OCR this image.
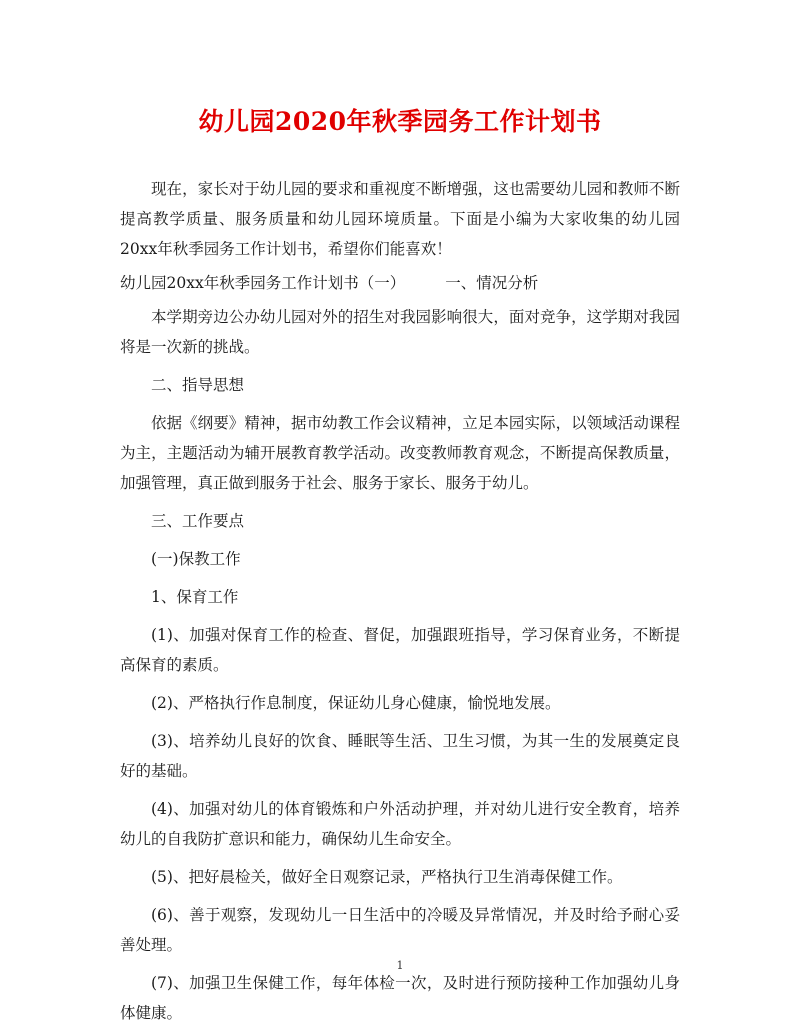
幼儿园2020年秋季园务工作计划书

现在，家长对于幼儿园的要求和重视度不断增强，这也需要幼儿园和教师不断提高教学质量、服务质量和幼儿园环境质量。下面是小编为大家收集的幼儿园20xx年秋季园务工作计划书，希望你们能喜欢！

幼儿园20xx年秋季园务工作计划书（一）	一、情况分析

本学期旁边公办幼儿园对外的招生对我园影响很大，面对竞争，这学期对我园将是一次新的挑战。

二、指导思想

依据《纲要》精神，据市幼教工作会议精神，立足本园实际，以领域活动课程为主，主题活动为辅开展教育教学活动。改变教师教育观念，不断提高保教质量，加强管理，真正做到服务于社会、服务于家长、服务于幼儿。

三、工作要点

(一)保教工作

1、保育工作

(1)、加强对保育工作的检查、督促，加强跟班指导，学习保育业务，不断提高保育的素质。

(2)、严格执行作息制度，保证幼儿身心健康，愉悦地发展。

(3)、培养幼儿良好的饮食、睡眠等生活、卫生习惯，为其一生的发展奠定良好的基础。

(4)、加强对幼儿的体育锻炼和户外活动护理，并对幼儿进行安全教育，培养幼儿的自我防扩意识和能力，确保幼儿生命安全。

(5)、把好晨检关，做好全日观察记录，严格执行卫生消毒保健工作。

(6)、善于观察，发现幼儿一日生活中的冷暖及异常情况，并及时给予耐心妥善处理。

(7)、加强卫生保健工作，每年体检一次，及时进行预防接种工作加强幼儿身体健康。

1
